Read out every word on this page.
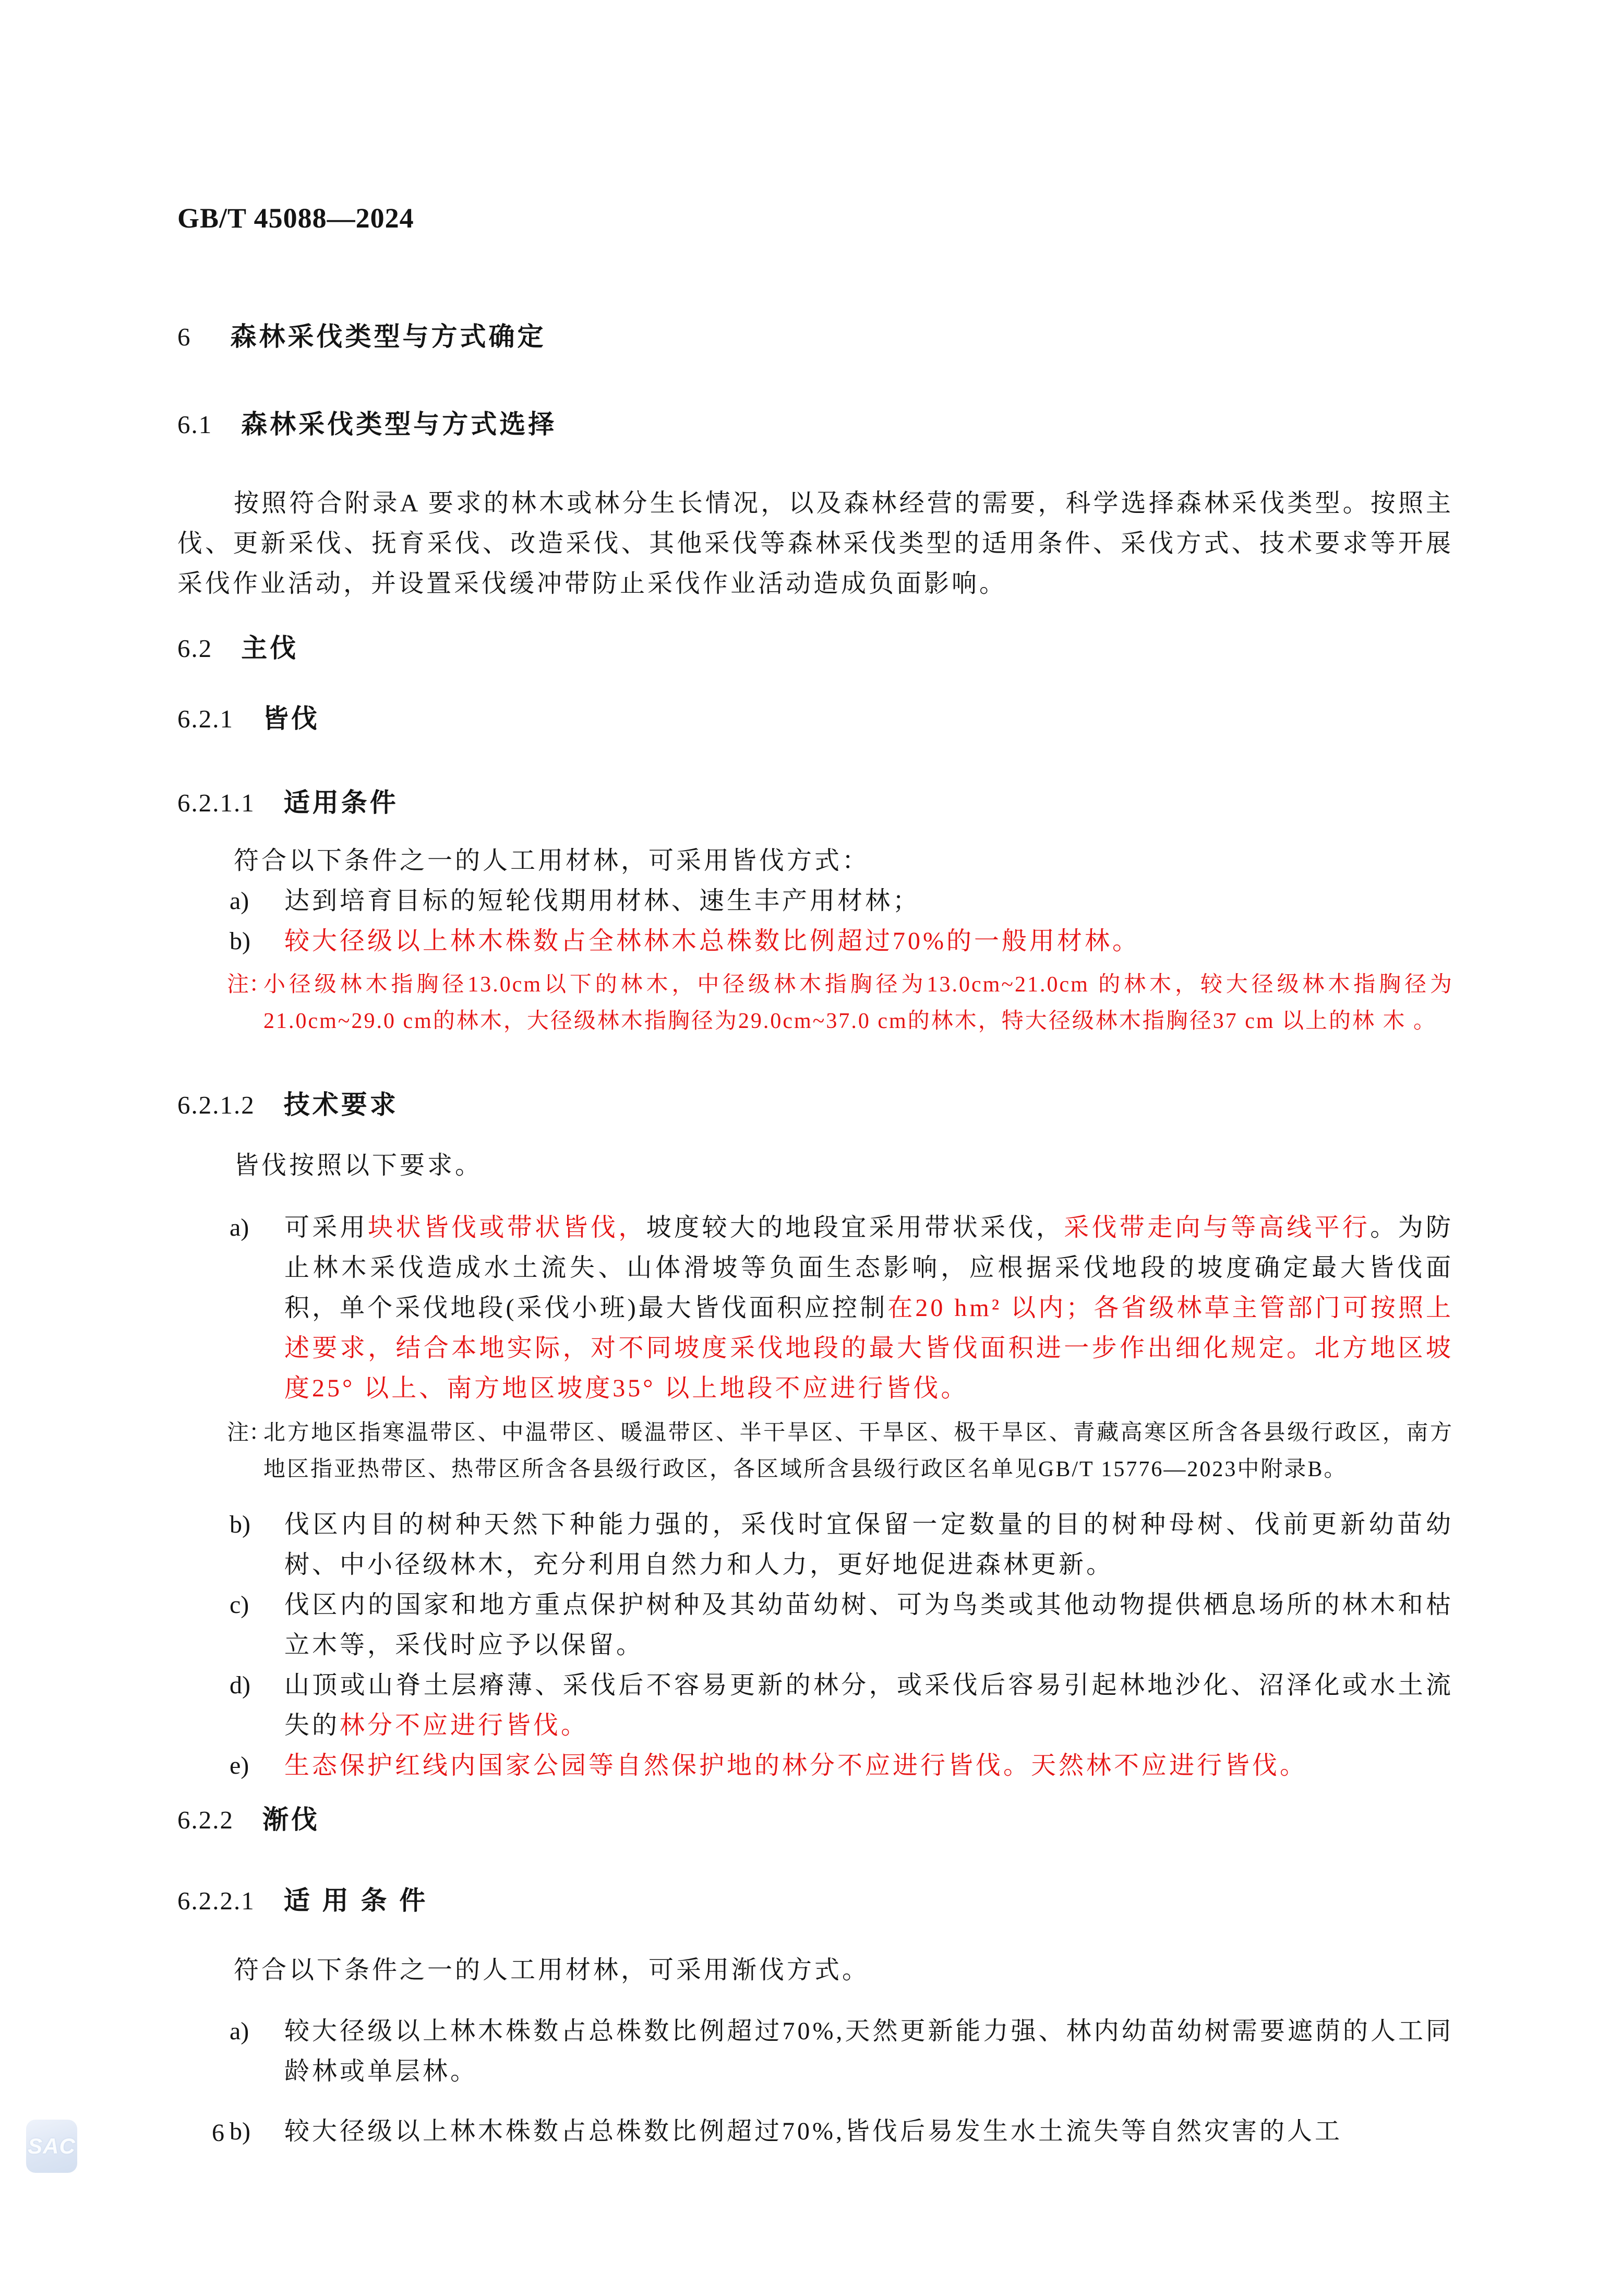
GB/T 45088—2024
6 森林采伐类型与方式确定
6.1 森林采伐类型与方式选择
按照符合附录A 要求的林木或林分生长情况，以及森林经营的需要，科学选择森林采伐类型。按照主伐、更新采伐、抚育采伐、改造采伐、其他采伐等森林采伐类型的适用条件、采伐方式、技术要求等开展采伐作业活动，并设置采伐缓冲带防止采伐作业活动造成负面影响。
6.2 主伐
6.2.1 皆伐
6.2.1.1 适用条件
符合以下条件之一的人工用材林，可采用皆伐方式：
a) 达到培育目标的短轮伐期用材林、速生丰产用材林；
b) 较大径级以上林木株数占全林林木总株数比例超过70%的一般用材林。
注：
小径级林木指胸径13.0cm以下的林木，中径级林木指胸径为13.0cm~21.0cm 的林木，较大径级林木指胸径为21.0cm~29.0 cm的林木，大径级林木指胸径为29.0cm~37.0 cm的林木，特大径级林木指胸径37 cm 以上的林 木 。
6.2.1.2 技术要求
皆伐按照以下要求。
a) 可采用块状皆伐或带状皆伐，坡度较大的地段宜采用带状采伐，采伐带走向与等高线平行。为防止林木采伐造成水土流失、山体滑坡等负面生态影响，应根据采伐地段的坡度确定最大皆伐面积，单个采伐地段(采伐小班)最大皆伐面积应控制在20 hm² 以内；各省级林草主管部门可按照上述要求，结合本地实际，对不同坡度采伐地段的最大皆伐面积进一步作出细化规定。北方地区坡度25° 以上、南方地区坡度35° 以上地段不应进行皆伐。
注：
北方地区指寒温带区、中温带区、暖温带区、半干旱区、干旱区、极干旱区、青藏高寒区所含各县级行政区，南方地区指亚热带区、热带区所含各县级行政区，各区域所含县级行政区名单见GB/T 15776—2023中附录B。
b) 伐区内目的树种天然下种能力强的，采伐时宜保留一定数量的目的树种母树、伐前更新幼苗幼树、中小径级林木，充分利用自然力和人力，更好地促进森林更新。
c) 伐区内的国家和地方重点保护树种及其幼苗幼树、可为鸟类或其他动物提供栖息场所的林木和枯立木等，采伐时应予以保留。
d) 山顶或山脊土层瘠薄、采伐后不容易更新的林分，或采伐后容易引起林地沙化、沼泽化或水土流失的林分不应进行皆伐。
e) 生态保护红线内国家公园等自然保护地的林分不应进行皆伐。天然林不应进行皆伐。
6.2.2 渐伐
6.2.2.1 适 用 条 件
符合以下条件之一的人工用材林，可采用渐伐方式。
a) 较大径级以上林木株数占总株数比例超过70%,天然更新能力强、林内幼苗幼树需要遮荫的人工同龄林或单层林。
b) 较大径级以上林木株数占总株数比例超过70%,皆伐后易发生水土流失等自然灾害的人工
SAC	6
